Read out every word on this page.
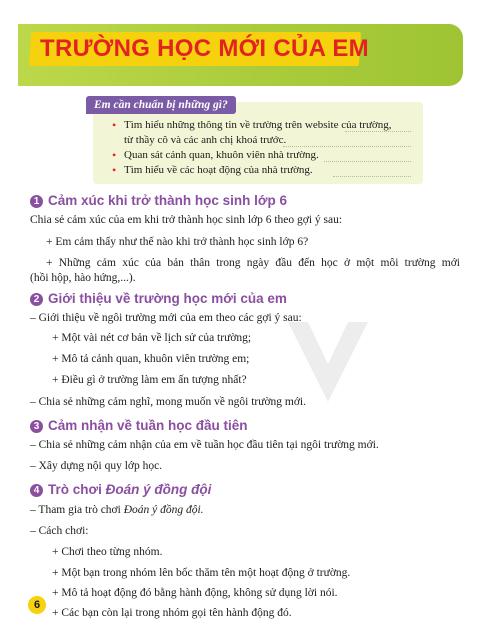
TRƯỜNG HỌC MỚI CỦA EM
Em cần chuẩn bị những gì?
• Tìm hiểu những thông tin về trường trên website của trường,
từ thầy cô và các anh chị khoá trước.
• Quan sát cảnh quan, khuôn viên nhà trường.
• Tìm hiểu về các hoạt động của nhà trường.
1 Cảm xúc khi trở thành học sinh lớp 6
Chia sẻ cảm xúc của em khi trở thành học sinh lớp 6 theo gợi ý sau:
+ Em cảm thấy như thế nào khi trở thành học sinh lớp 6?
+ Những cảm xúc của bản thân trong ngày đầu đến học ở một môi trường mới
(hồi hộp, hào hứng,...).
2 Giới thiệu về trường học mới của em
– Giới thiệu về ngôi trường mới của em theo các gợi ý sau:
+ Một vài nét cơ bản về lịch sử của trường;
+ Mô tả cảnh quan, khuôn viên trường em;
+ Điều gì ở trường làm em ấn tượng nhất?
– Chia sẻ những cảm nghĩ, mong muốn về ngôi trường mới.
3 Cảm nhận về tuần học đầu tiên
– Chia sẻ những cảm nhận của em về tuần học đầu tiên tại ngôi trường mới.
– Xây dựng nội quy lớp học.
4 Trò chơi Đoán ý đồng đội
– Tham gia trò chơi Đoán ý đồng đội.
– Cách chơi:
+ Chơi theo từng nhóm.
+ Một bạn trong nhóm lên bốc thăm tên một hoạt động ở trường.
+ Mô tả hoạt động đó bằng hành động, không sử dụng lời nói.
+ Các bạn còn lại trong nhóm gọi tên hành động đó.
6
